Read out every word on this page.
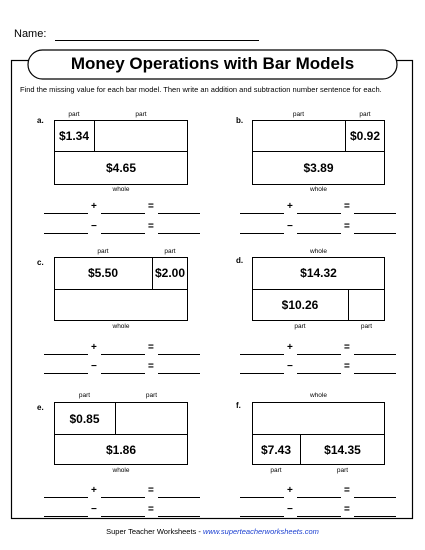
Name:
Money Operations with Bar Models
Find the missing value for each bar model. Then write an addition and subtraction number sentence for each.
a.
part	part
$1.34
$4.65
whole
b.
part	part
$0.92
$3.89
whole
c.
part	part
$5.50	$2.00
whole
d.
whole
$14.32
$10.26
part	part
e.
part	part
$0.85
$1.86
whole
f.
whole
$7.43	$14.35
part	part
+	=
−	=
+	=
−	=
+	=
−	=
+	=
−	=
+	=
−	=
+	=
−	=
Super Teacher Worksheets - www.superteacherworksheets.com
